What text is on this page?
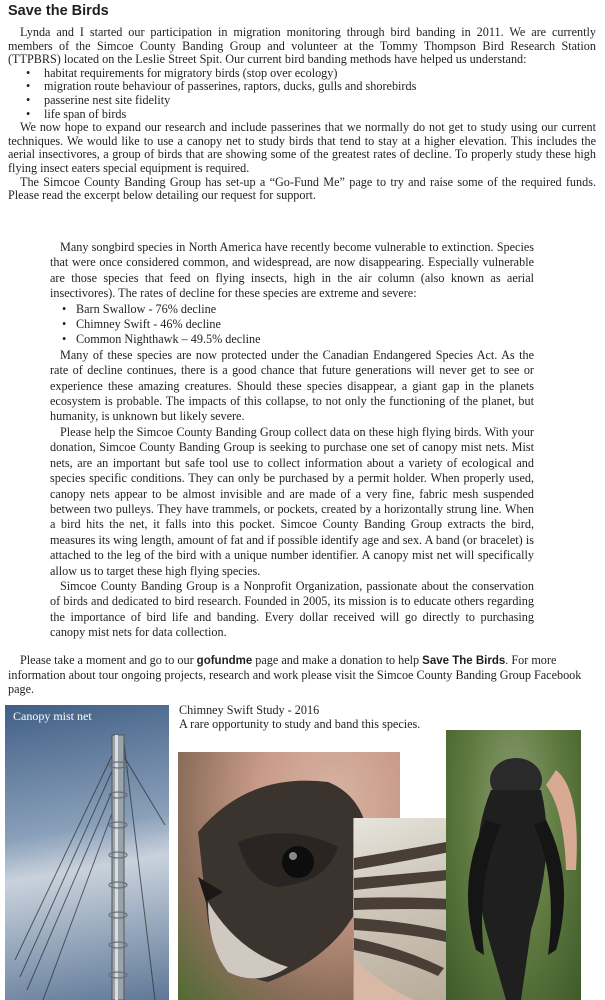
Save the Birds

Lynda and I started our participation in migration monitoring through bird banding in 2011. We are currently members of the Simcoe County Banding Group and volunteer at the Tommy Thompson Bird Research Station (TTPBRS) located on the Leslie Street Spit. Our current bird banding methods have helped us understand:

• habitat requirements for migratory birds (stop over ecology)
• migration route behaviour of passerines, raptors, ducks, gulls and shorebirds
• passerine nest site fidelity
• life span of birds

We now hope to expand our research and include passerines that we normally do not get to study using our current techniques. We would like to use a canopy net to study birds that tend to stay at a higher elevation. This includes the aerial insectivores, a group of birds that are showing some of the greatest rates of decline. To properly study these high flying insect eaters special equipment is required.

The Simcoe County Banding Group has set-up a “Go-Fund Me” page to try and raise some of the required funds. Please read the excerpt below detailing our request for support.

Many songbird species in North America have recently become vulnerable to extinction. Species that were once considered common, and widespread, are now disappearing. Especially vulnerable are those species that feed on flying insects, high in the air column (also known as aerial insectivores). The rates of decline for these species are extreme and severe:

• Barn Swallow - 76% decline
• Chimney Swift - 46% decline
• Common Nighthawk – 49.5% decline

Many of these species are now protected under the Canadian Endangered Species Act. As the rate of decline continues, there is a good chance that future generations will never get to see or experience these amazing creatures. Should these species disappear, a giant gap in the planets ecosystem is probable. The impacts of this collapse, to not only the functioning of the planet, but humanity, is unknown but likely severe.

Please help the Simcoe County Banding Group collect data on these high flying birds. With your donation, Simcoe County Banding Group is seeking to purchase one set of canopy mist nets. Mist nets, are an important but safe tool use to collect information about a variety of ecological and species specific conditions. They can only be purchased by a permit holder. When properly used, canopy nets appear to be almost invisible and are made of a very fine, fabric mesh suspended between two pulleys. They have trammels, or pockets, created by a horizontally strung line. When a bird hits the net, it falls into this pocket. Simcoe County Banding Group extracts the bird, measures its wing length, amount of fat and if possible identify age and sex. A band (or bracelet) is attached to the leg of the bird with a unique number identifier. A canopy mist net will specifically allow us to target these high flying species.

Simcoe County Banding Group is a Nonprofit Organization, passionate about the conservation of birds and dedicated to bird research. Founded in 2005, its mission is to educate others regarding the importance of bird life and banding. Every dollar received will go directly to purchasing canopy mist nets for data collection.

Please take a moment and go to our gofundme page and make a donation to help Save The Birds. For more information about tour ongoing projects, research and work please visit the Simcoe County Banding Group Facebook page.

Canopy mist net	Chimney Swift Study - 2016
A rare opportunity to study and band this species.
